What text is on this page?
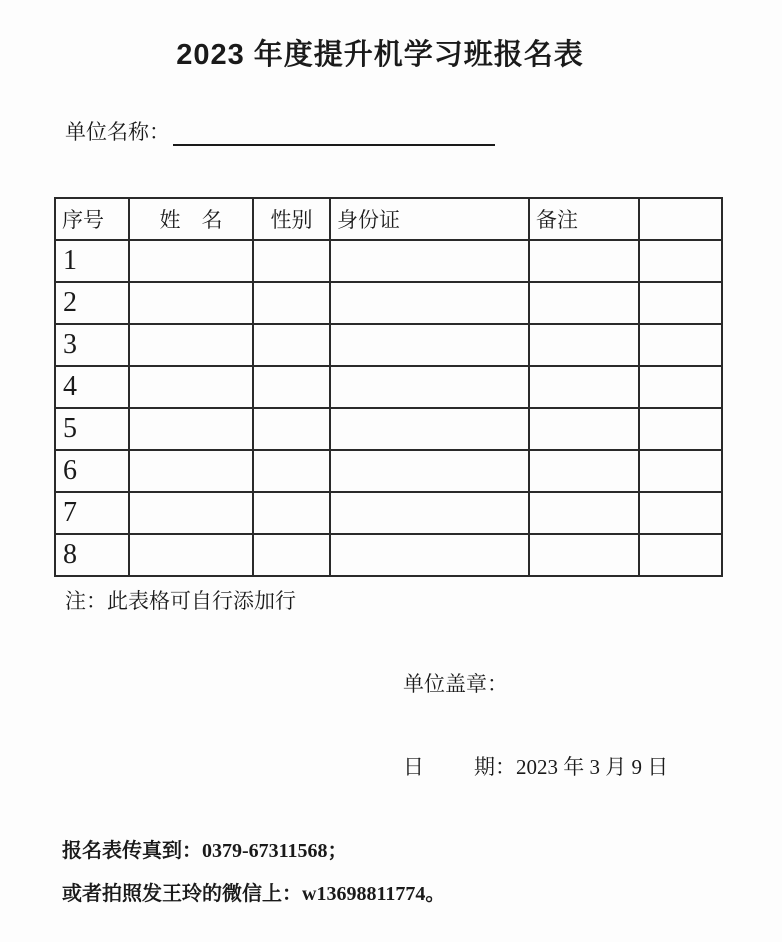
2023 年度提升机学习班报名表
单位名称：
序号	姓　名	性别	身份证	备注	
1					
2					
3					
4					
5					
6					
7					
8					
注：此表格可自行添加行
单位盖章：
日 期：2023 年 3 月 9 日
报名表传真到：0379-67311568；
或者拍照发王玲的微信上：w13698811774。
